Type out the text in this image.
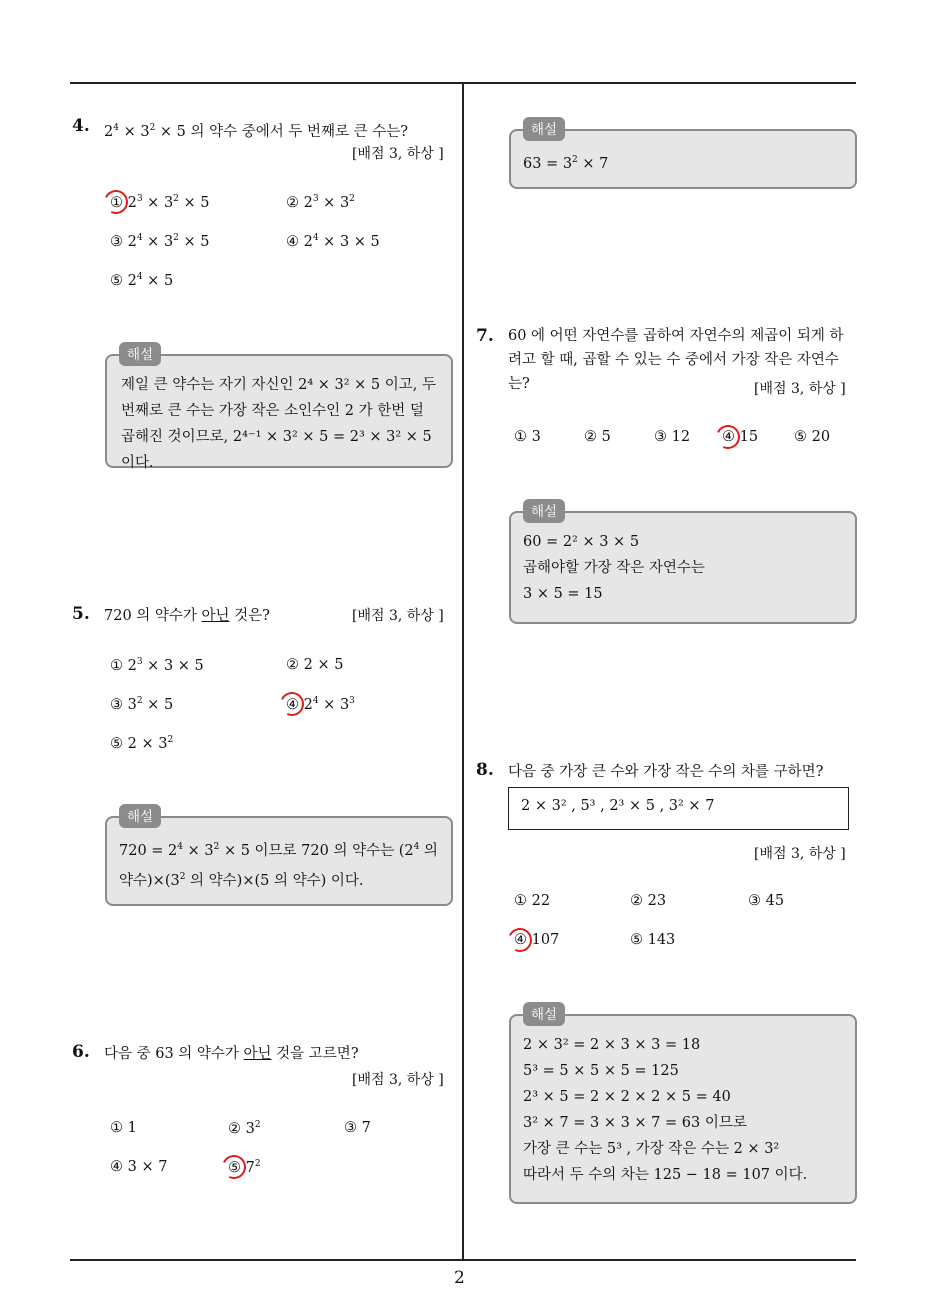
2
4. $2^4 \times 3^2 \times 5$ 의 약수 중에서 두 번째로 큰 수는?
[배점 3, 하상 ]
① $2^3 \times 3^2 \times 5$	② $2^3 \times 3^2$
③ $2^4 \times 3^2 \times 5$	④ $2^4 \times 3 \times 5$
⑤ $2^4 \times 5$
제일 큰 약수는 자기 자신인 2⁴ × 3² × 5 이고, 두 번째로 큰 수는 가장 작은 소인수인 2 가 한번 덜 곱해진 것이므로, 2⁴⁻¹ × 3² × 5 = 2³ × 3² × 5 이다.
해설
5. 720 의 약수가 아닌 것은?	[배점 3, 하상 ]
① $2^3 \times 3 \times 5$	② 2 × 5
③ $3^2 \times 5$	④ $2^4 \times 3^3$
⑤ $2 \times 3^2$
$720 = 2^4 \times 3^2 \times 5$ 이므로 720 의 약수는 ($2^4$ 의 약수)$\times(3^2$ 의 약수)×(5 의 약수) 이다.
해설
6. 다음 중 63 의 약수가 아닌 것을 고르면?
[배점 3, 하상 ]
① 1	② $3^2$	③ 7
④ 3 × 7	⑤ $7^2$
$63 = 3^2 \times 7$
해설
7. 60 에 어떤 자연수를 곱하여 자연수의 제곱이 되게 하
려고 할 때, 곱할 수 있는 수 중에서 가장 작은 자연수
는?	[배점 3, 하상 ]
① 3	② 5	③ 12 ④ 15 ⑤ 20
60 = 2² × 3 × 5
곱해야할 가장 작은 자연수는
3 × 5 = 15
해설
8. 다음 중 가장 큰 수와 가장 작은 수의 차를 구하면?
2 × 3² , 5³ , 2³ × 5 , 3² × 7
[배점 3, 하상 ]
① 22	② 23	③ 45
④ 107	⑤ 143
2 × 3² = 2 × 3 × 3 = 18
5³ = 5 × 5 × 5 = 125
2³ × 5 = 2 × 2 × 2 × 5 = 40
3² × 7 = 3 × 3 × 7 = 63 이므로
가장 큰 수는 5³ , 가장 작은 수는 2 × 3²
따라서 두 수의 차는 125 − 18 = 107 이다.
해설
